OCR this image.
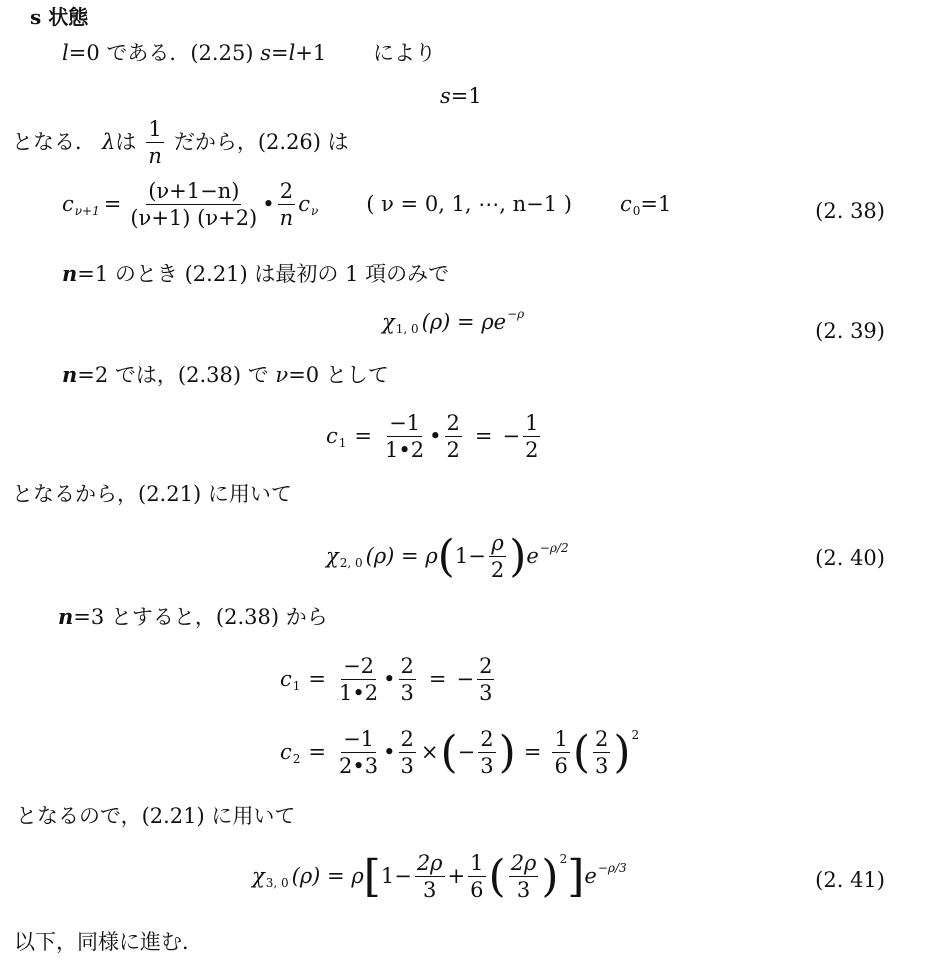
s 状態
l=0 である．(2.25) s=l+1 により
s=1
となる． λ は $\frac{1}{n}$ だから，(2.26) は
c $\nu+1 = \frac{(\nu+1-n)}{(\nu+1) (\nu+2)}$ • $\frac{2}{n}$ c ν ( ν = 0, 1, ⋯, n−1 ) c 0 =1	(2. 38)
n=1 のとき (2.21) は最初の 1 項のみで
χ 1, 0 (ρ) = ρe −ρ
(2. 39)
n=2 では，(2.38) で ν=0 として
c $1 = \frac{-1}{1•2}$ • $\frac{2}{2}$ = − $\frac{1}{2}$
となるから，(2.21) に用いて
χ 2, 0 (ρ) = ρ ( $1- \frac{\rho}{2}$ ) e −ρ/2	(2. 40)
n=3 とすると，(2.38) から
c $1 = \frac{-2}{1•2}$ • $\frac{2}{3}$ = − $\frac{2}{3}$
c $2 = \frac{-1}{2•3}$ • $\frac{2}{3}$ × ( − $\frac{2}{3}$ ) = $\frac{1}{6}$ ( $\frac{2}{3}$ ) 2
となるので，(2.21) に用いて
χ 3, 0 (ρ) = ρ [ $1- \frac{2\rho}{3} + \frac{1}{6}$ ( $\frac{2\rho}{3}$ ) 2 ] e −ρ/3
(2. 41)
以下，同様に進む．
